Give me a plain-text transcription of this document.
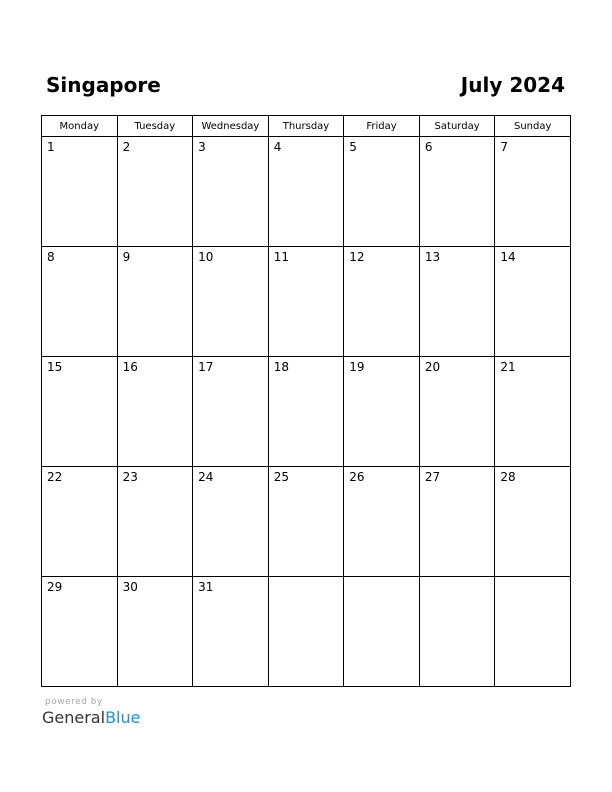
Singapore	July 2024
Monday	Tuesday	Wednesday	Thursday	Friday	Saturday	Sunday

1	2	3	4	5	6	7

8	9	10	11	12	13	14

15	16	17	18	19	20	21

22	23	24	25	26	27	28

29	30	31				

powered by
GeneralBlue
